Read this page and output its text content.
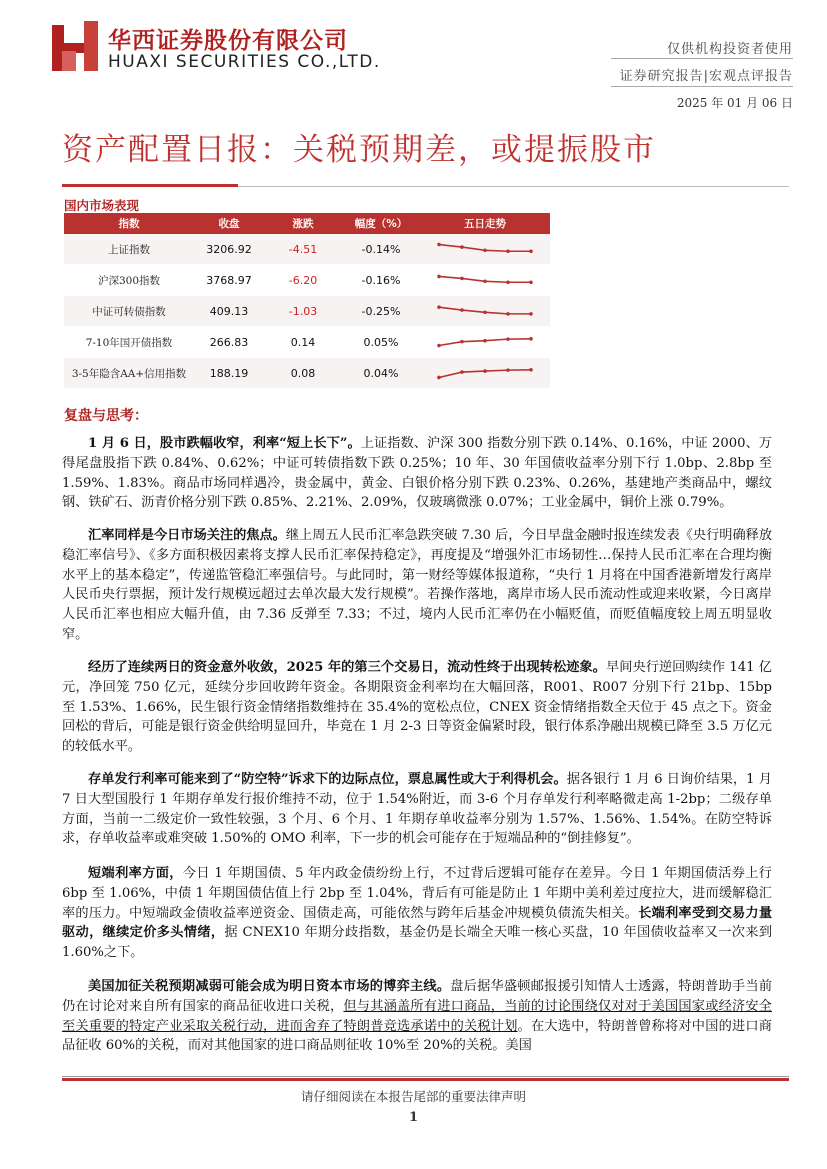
华西证券股份有限公司
HUAXI SECURITIES CO.,LTD.
仅供机构投资者使用
证券研究报告|宏观点评报告
2025 年 01 月 06 日
资产配置日报：关税预期差，或提振股市
国内市场表现
指数	收盘	涨跌	幅度（%）	五日走势
上证指数	3206.92	-4.51	-0.14%	

沪深300指数	3768.97	-6.20	-0.16%	

中证可转债指数	409.13	-1.03	-0.25%	

7-10年国开债指数	266.83	0.14	0.05%	

3-5年隐含AA+信用指数	188.19	0.08	0.04%	
复盘与思考：
1 月 6 日，股市跌幅收窄，利率“短上长下”。上证指数、沪深 300 指数分别下跌 0.14%、0.16%，中证 2000、万得尾盘股指下跌 0.84%、0.62%；中证可转债指数下跌 0.25%；10 年、30 年国债收益率分别下行 1.0bp、2.8bp 至 1.59%、1.83%。商品市场同样遇冷，贵金属中，黄金、白银价格分别下跌 0.23%、0.26%，基建地产类商品中，螺纹钢、铁矿石、沥青价格分别下跌 0.85%、2.21%、2.09%，仅玻璃微涨 0.07%；工业金属中，铜价上涨 0.79%。
汇率同样是今日市场关注的焦点。继上周五人民币汇率急跌突破 7.30 后，今日早盘金融时报连续发表《央行明确释放稳汇率信号》、《多方面积极因素将支撑人民币汇率保持稳定》，再度提及“增强外汇市场韧性…保持人民币汇率在合理均衡水平上的基本稳定”，传递监管稳汇率强信号。与此同时，第一财经等媒体报道称，“央行 1 月将在中国香港新增发行离岸人民币央行票据，预计发行规模远超过去单次最大发行规模”。若操作落地，离岸市场人民币流动性或迎来收紧，今日离岸人民币汇率也相应大幅升值，由 7.36 反弹至 7.33；不过，境内人民币汇率仍在小幅贬值，而贬值幅度较上周五明显收窄。
经历了连续两日的资金意外收敛，2025 年的第三个交易日，流动性终于出现转松迹象。早间央行逆回购续作 141 亿元，净回笼 750 亿元，延续分步回收跨年资金。各期限资金利率均在大幅回落，R001、R007 分别下行 21bp、15bp 至 1.53%、1.66%，民生银行资金情绪指数维持在 35.4%的宽松点位，CNEX 资金情绪指数全天位于 45 点之下。资金回松的背后，可能是银行资金供给明显回升，毕竟在 1 月 2-3 日等资金偏紧时段，银行体系净融出规模已降至 3.5 万亿元的较低水平。
存单发行利率可能来到了“防空特”诉求下的边际点位，票息属性或大于利得机会。据各银行 1 月 6 日询价结果，1 月 7 日大型国股行 1 年期存单发行报价维持不动，位于 1.54%附近，而 3-6 个月存单发行利率略微走高 1-2bp；二级存单方面，当前一二级定价一致性较强，3 个月、6 个月、1 年期存单收益率分别为 1.57%、1.56%、1.54%。在防空特诉求，存单收益率或难突破 1.50%的 OMO 利率，下一步的机会可能存在于短端品种的“倒挂修复”。
短端利率方面，今日 1 年期国债、5 年内政金债纷纷上行，不过背后逻辑可能存在差异。今日 1 年期国债活券上行 6bp 至 1.06%，中债 1 年期国债估值上行 2bp 至 1.04%，背后有可能是防止 1 年期中美利差过度拉大，进而缓解稳汇率的压力。中短端政金债收益率逆资金、国债走高，可能依然与跨年后基金冲规模负债流失相关。长端利率受到交易力量驱动，继续定价多头情绪，据 CNEX10 年期分歧指数，基金仍是长端全天唯一核心买盘，10 年国债收益率又一次来到 1.60%之下。
美国加征关税预期减弱可能会成为明日资本市场的博弈主线。盘后据华盛顿邮报援引知情人士透露，特朗普助手当前仍在讨论对来自所有国家的商品征收进口关税，但与其涵盖所有进口商品，当前的讨论围绕仅对对于美国国家或经济安全至关重要的特定产业采取关税行动，进而舍弃了特朗普竞选承诺中的关税计划。在大选中，特朗普曾称将对中国的进口商品征收 60%的关税，而对其他国家的进口商品则征收 10%至 20%的关税。美国
请仔细阅读在本报告尾部的重要法律声明
1
